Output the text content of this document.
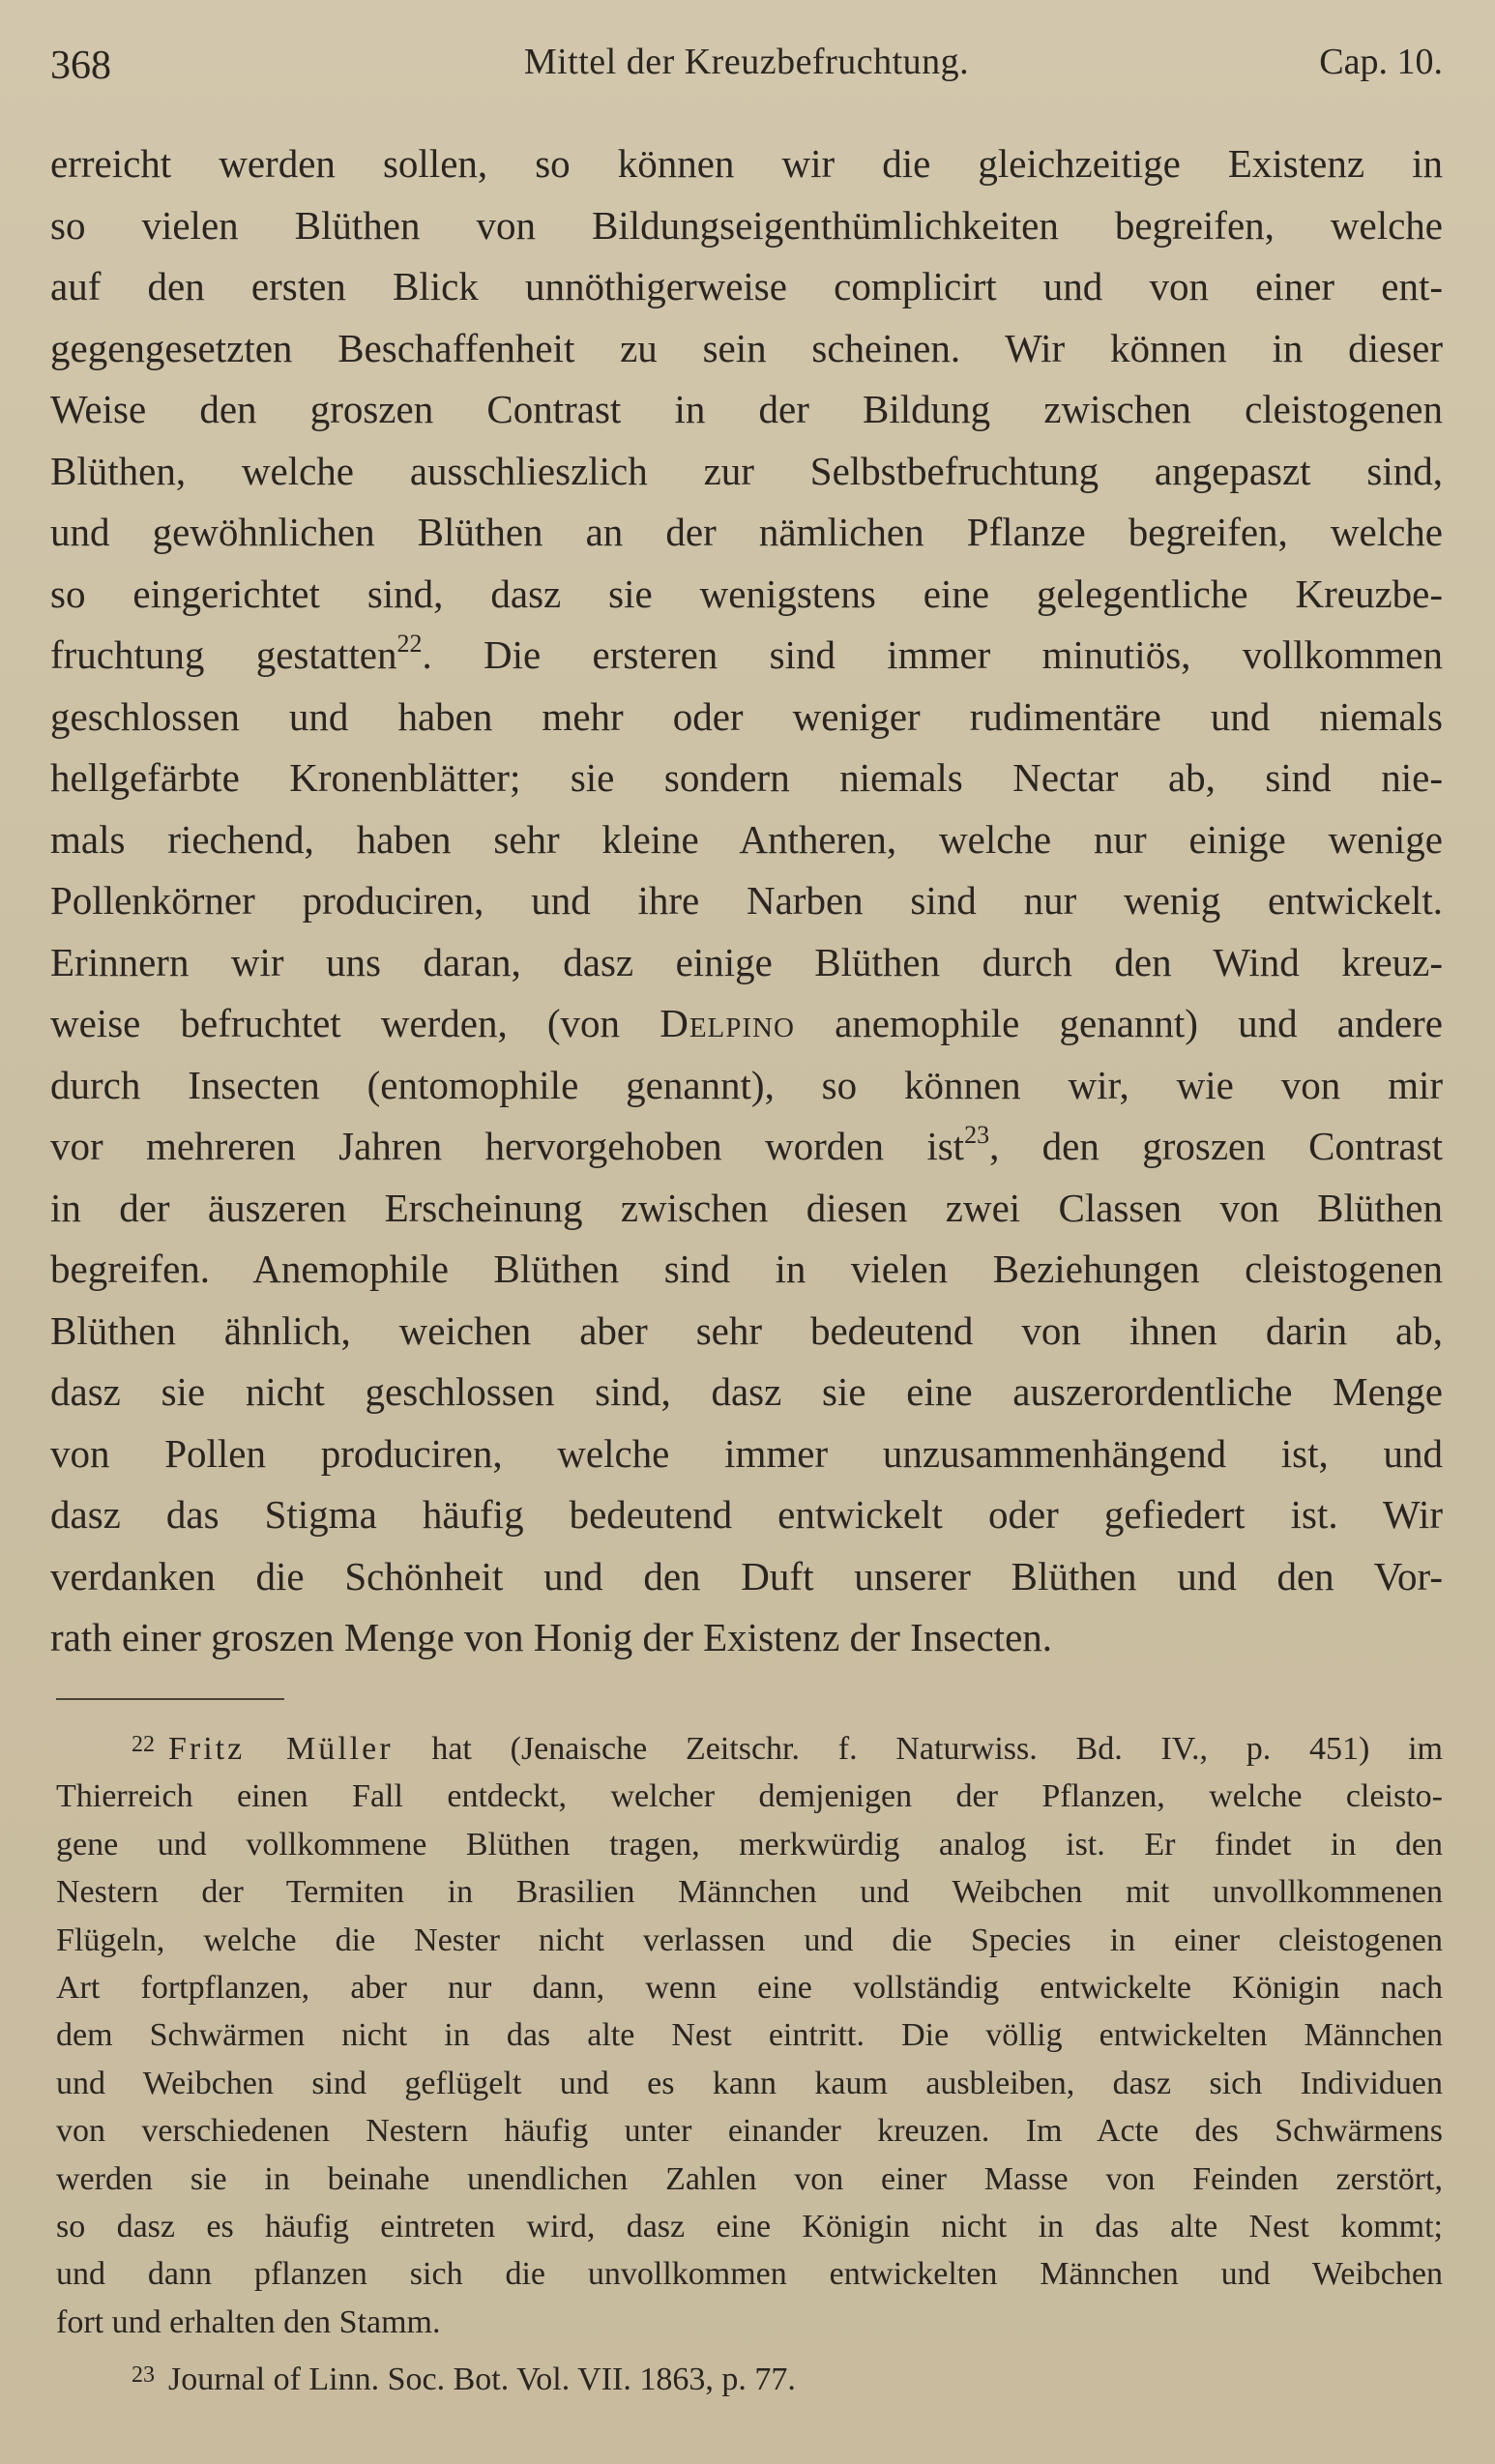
368	Mittel der Kreuzbefruchtung.	Cap. 10.
erreicht werden sollen, so können wir die gleichzeitige Existenz in
so vielen Blüthen von Bildungseigenthümlichkeiten begreifen, welche
auf den ersten Blick unnöthigerweise complicirt und von einer ent-
gegengesetzten Beschaffenheit zu sein scheinen. Wir können in dieser
Weise den groszen Contrast in der Bildung zwischen cleistogenen
Blüthen, welche ausschlieszlich zur Selbstbefruchtung angepaszt sind,
und gewöhnlichen Blüthen an der nämlichen Pflanze begreifen, welche
so eingerichtet sind, dasz sie wenigstens eine gelegentliche Kreuzbe-
fruchtung gestatten$^{22}$. Die ersteren sind immer minutiös, vollkommen
geschlossen und haben mehr oder weniger rudimentäre und niemals
hellgefärbte Kronenblätter; sie sondern niemals Nectar ab, sind nie-
mals riechend, haben sehr kleine Antheren, welche nur einige wenige
Pollenkörner produciren, und ihre Narben sind nur wenig entwickelt.
Erinnern wir uns daran, dasz einige Blüthen durch den Wind kreuz-
weise befruchtet werden, (von Delpino anemophile genannt) und andere
durch Insecten (entomophile genannt), so können wir, wie von mir
vor mehreren Jahren hervorgehoben worden ist$^{23}$, den groszen Contrast
in der äuszeren Erscheinung zwischen diesen zwei Classen von Blüthen
begreifen. Anemophile Blüthen sind in vielen Beziehungen cleistogenen
Blüthen ähnlich, weichen aber sehr bedeutend von ihnen darin ab,
dasz sie nicht geschlossen sind, dasz sie eine auszerordentliche Menge
von Pollen produciren, welche immer unzusammenhängend ist, und
dasz das Stigma häufig bedeutend entwickelt oder gefiedert ist. Wir
verdanken die Schönheit und den Duft unserer Blüthen und den Vor-
rath einer groszen Menge von Honig der Existenz der Insecten.
$^{22}$ Fritz Müller hat (Jenaische Zeitschr. f. Naturwiss. Bd. IV., p. 451) im
Thierreich einen Fall entdeckt, welcher demjenigen der Pflanzen, welche cleisto-
gene und vollkommene Blüthen tragen, merkwürdig analog ist. Er findet in den
Nestern der Termiten in Brasilien Männchen und Weibchen mit unvollkommenen
Flügeln, welche die Nester nicht verlassen und die Species in einer cleistogenen
Art fortpflanzen, aber nur dann, wenn eine vollständig entwickelte Königin nach
dem Schwärmen nicht in das alte Nest eintritt. Die völlig entwickelten Männchen
und Weibchen sind geflügelt und es kann kaum ausbleiben, dasz sich Individuen
von verschiedenen Nestern häufig unter einander kreuzen. Im Acte des Schwärmens
werden sie in beinahe unendlichen Zahlen von einer Masse von Feinden zerstört,
so dasz es häufig eintreten wird, dasz eine Königin nicht in das alte Nest kommt;
und dann pflanzen sich die unvollkommen entwickelten Männchen und Weibchen
fort und erhalten den Stamm.
$^{23}$ Journal of Linn. Soc. Bot. Vol. VII. 1863, p. 77.
